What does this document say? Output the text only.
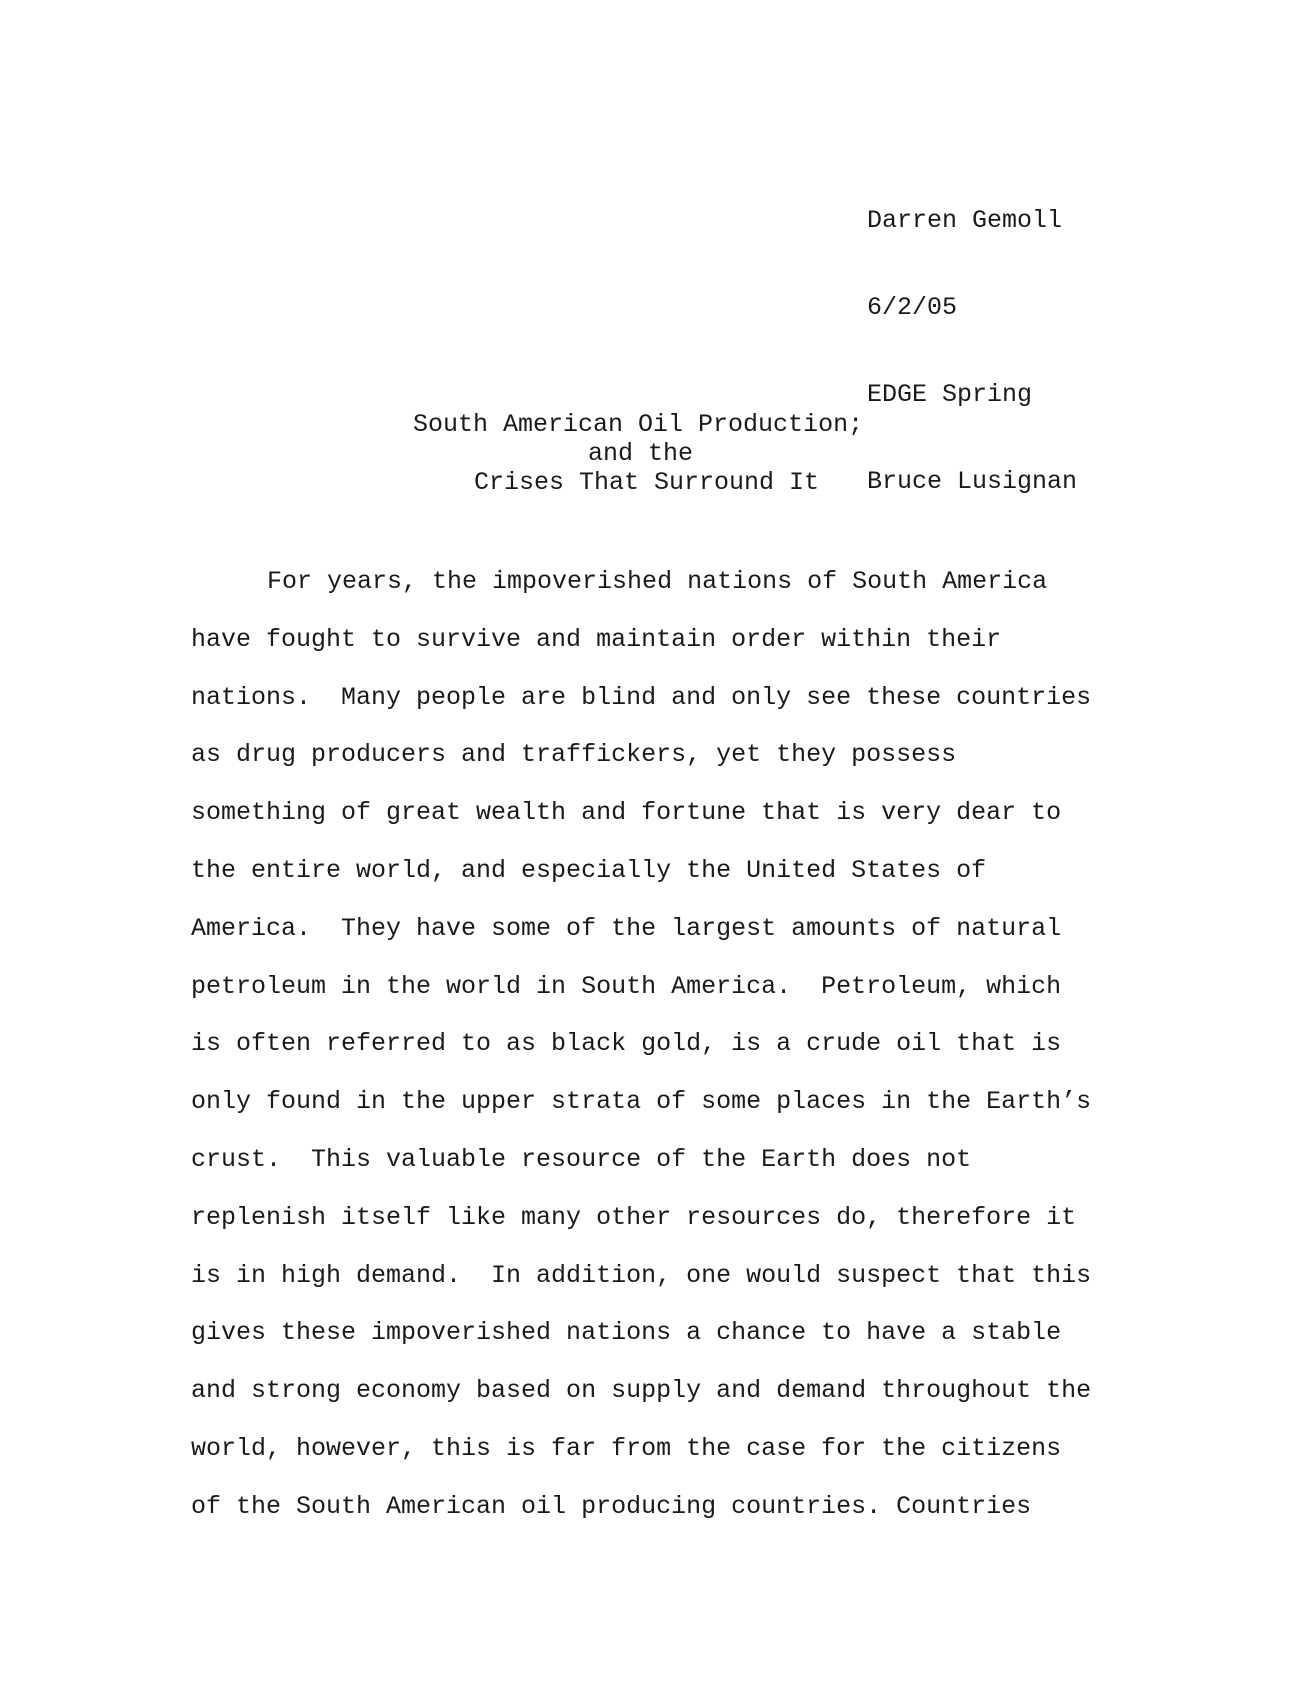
Darren Gemoll

6/2/05

EDGE Spring

Bruce Lusignan

South American Oil Production;
and the
Crises That Surround It
For years, the impoverished nations of South America
have fought to survive and maintain order within their
nations.  Many people are blind and only see these countries
as drug producers and traffickers, yet they possess
something of great wealth and fortune that is very dear to
the entire world, and especially the United States of
America.  They have some of the largest amounts of natural
petroleum in the world in South America.  Petroleum, which
is often referred to as black gold, is a crude oil that is
only found in the upper strata of some places in the Earth’s
crust.  This valuable resource of the Earth does not
replenish itself like many other resources do, therefore it
is in high demand.  In addition, one would suspect that this
gives these impoverished nations a chance to have a stable
and strong economy based on supply and demand throughout the
world, however, this is far from the case for the citizens
of the South American oil producing countries. Countries
